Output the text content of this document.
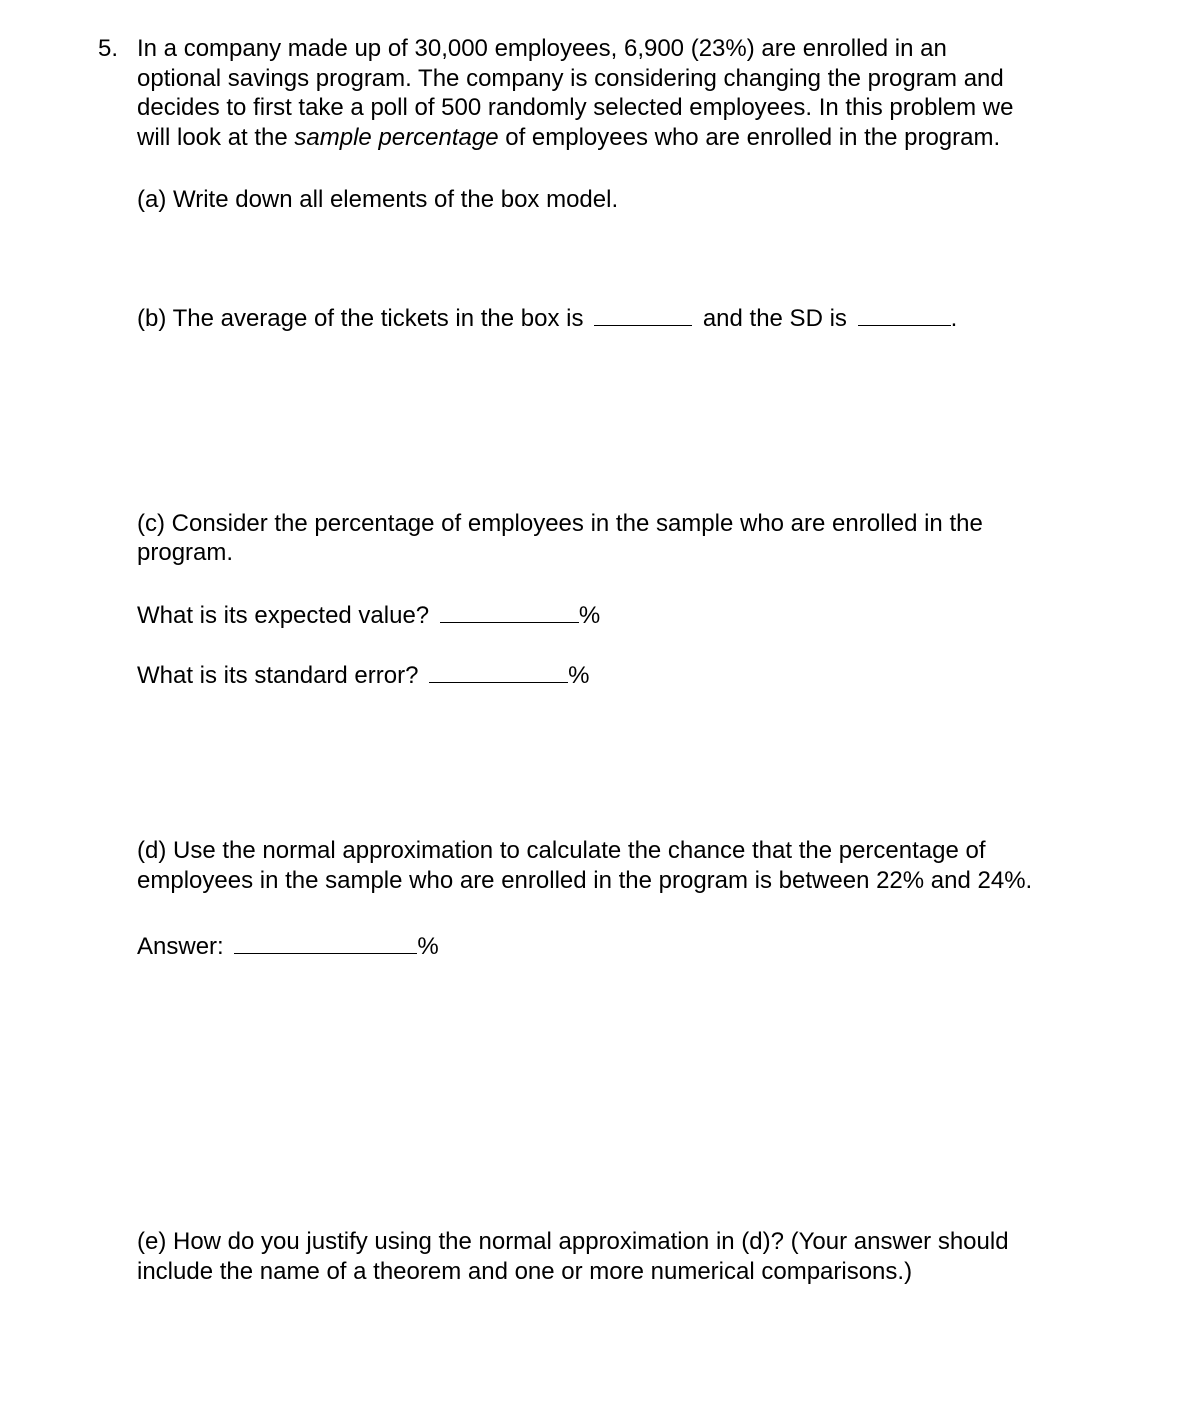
5. In a company made up of 30,000 employees, 6,900 (23%) are enrolled in an
optional savings program. The company is considering changing the program and
decides to first take a poll of 500 randomly selected employees. In this problem we
will look at the sample percentage of employees who are enrolled in the program.
(a) Write down all elements of the box model.
(b) The average of the tickets in the box is	and the SD is	.
(c) Consider the percentage of employees in the sample who are enrolled in the
program.
What is its expected value?	%
What is its standard error?	%
(d) Use the normal approximation to calculate the chance that the percentage of
employees in the sample who are enrolled in the program is between 22% and 24%.
Answer:	%
(e) How do you justify using the normal approximation in (d)? (Your answer should
include the name of a theorem and one or more numerical comparisons.)
